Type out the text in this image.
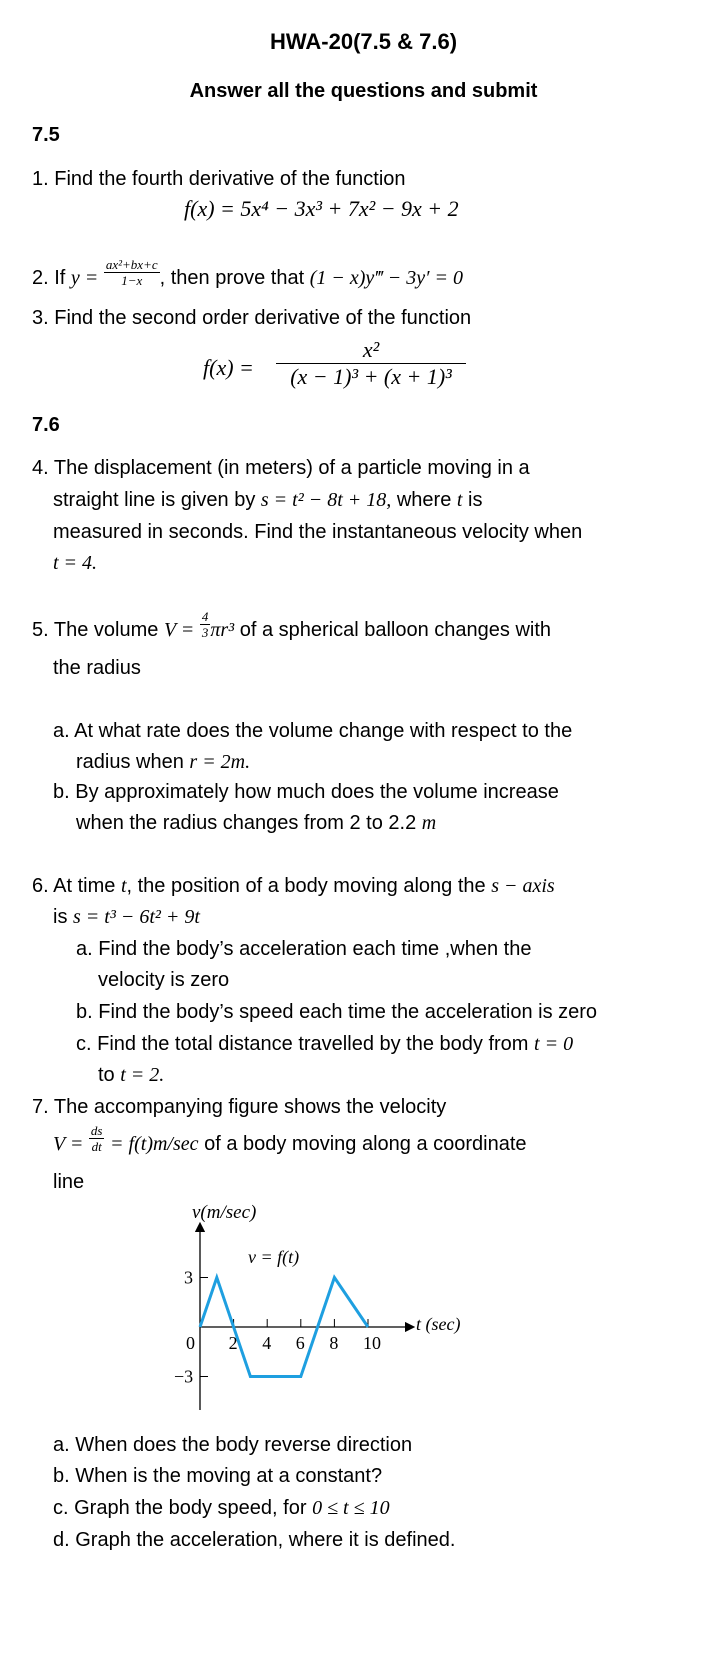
HWA-20(7.5 & 7.6)
Answer all the questions and submit
7.5
1. Find the fourth derivative of the function
f(x) = 5x⁴ − 3x³ + 7x² − 9x + 2
2. If $y = \frac{\text{ax²+bx+c}}{1-x}$ , then prove that (1 − x)y‴ − 3y′ = 0
3. Find the second order derivative of the function
$f(x) = \frac{\text{x²}}{\text{(x − 1)³ + (x + 1)³}}$
7.6
4. The displacement (in meters) of a particle moving in a
straight line is given by s = t² − 8t + 18, where t is
measured in seconds. Find the instantaneous velocity when
t = 4.
5. The volume $V = \frac{4}{3} \pi r^3$ of a spherical balloon changes with
the radius
a. At what rate does the volume change with respect to the
radius when r = 2m.
b. By approximately how much does the volume increase
when the radius changes from 2 to 2.2 m
6. At time t, the position of a body moving along the s − axis
is s = t³ − 6t² + 9t
a. Find the body’s acceleration each time ,when the
velocity is zero
b. Find the body’s speed each time the acceleration is zero
c. Find the total distance travelled by the body from t = 0
to t = 2.
7. The accompanying figure shows the velocity
$V = \frac{ds}{dt} = f(t)m/\sec$ of a body moving along a coordinate
line
v(m/sec)
v = f(t)
t (sec)
0 2 4 6 8 10
3
−3
a. When does the body reverse direction
b. When is the moving at a constant?
c. Graph the body speed, for 0 ≤ t ≤ 10
d. Graph the acceleration, where it is defined.
